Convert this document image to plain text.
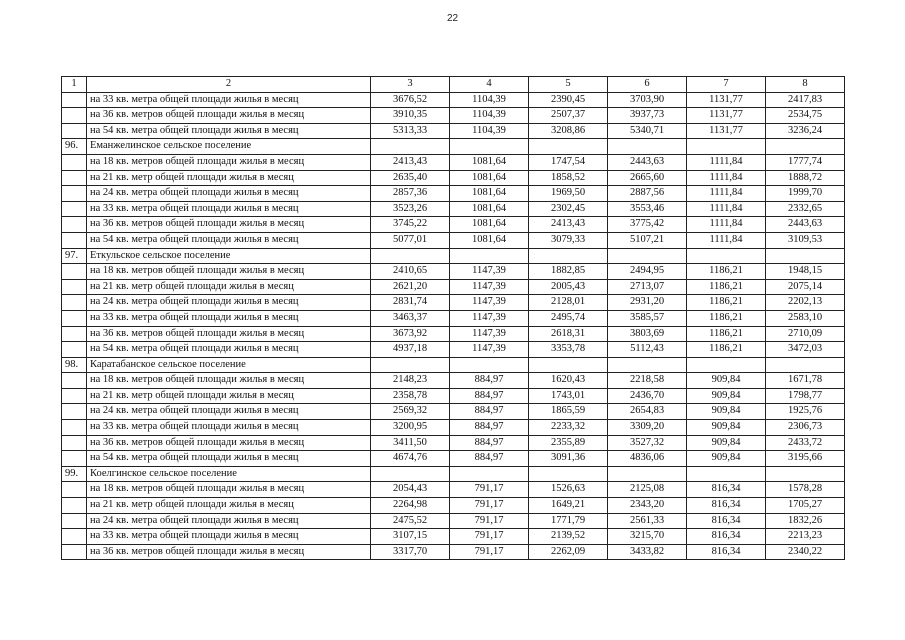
22
1	2	3	4	5	6	7	8
	на 33 кв. метра общей площади жилья в месяц	3676,52	1104,39	2390,45	3703,90	1131,77	2417,83
	на 36 кв. метров общей площади жилья в месяц	3910,35	1104,39	2507,37	3937,73	1131,77	2534,75
	на 54 кв. метра общей площади жилья в месяц	5313,33	1104,39	3208,86	5340,71	1131,77	3236,24
96.	Еманжелинское сельское поселение						
	на 18 кв. метров общей площади жилья в месяц	2413,43	1081,64	1747,54	2443,63	1111,84	1777,74
	на 21 кв. метр общей площади жилья в месяц	2635,40	1081,64	1858,52	2665,60	1111,84	1888,72
	на 24 кв. метра общей площади жилья в месяц	2857,36	1081,64	1969,50	2887,56	1111,84	1999,70
	на 33 кв. метра общей площади жилья в месяц	3523,26	1081,64	2302,45	3553,46	1111,84	2332,65
	на 36 кв. метров общей площади жилья в месяц	3745,22	1081,64	2413,43	3775,42	1111,84	2443,63
	на 54 кв. метра общей площади жилья в месяц	5077,01	1081,64	3079,33	5107,21	1111,84	3109,53
97.	Еткульское сельское поселение						
	на 18 кв. метров общей площади жилья в месяц	2410,65	1147,39	1882,85	2494,95	1186,21	1948,15
	на 21 кв. метр общей площади жилья в месяц	2621,20	1147,39	2005,43	2713,07	1186,21	2075,14
	на 24 кв. метра общей площади жилья в месяц	2831,74	1147,39	2128,01	2931,20	1186,21	2202,13
	на 33 кв. метра общей площади жилья в месяц	3463,37	1147,39	2495,74	3585,57	1186,21	2583,10
	на 36 кв. метров общей площади жилья в месяц	3673,92	1147,39	2618,31	3803,69	1186,21	2710,09
	на 54 кв. метра общей площади жилья в месяц	4937,18	1147,39	3353,78	5112,43	1186,21	3472,03
98.	Каратабанское сельское поселение						
	на 18 кв. метров общей площади жилья в месяц	2148,23	884,97	1620,43	2218,58	909,84	1671,78
	на 21 кв. метр общей площади жилья в месяц	2358,78	884,97	1743,01	2436,70	909,84	1798,77
	на 24 кв. метра общей площади жилья в месяц	2569,32	884,97	1865,59	2654,83	909,84	1925,76
	на 33 кв. метра общей площади жилья в месяц	3200,95	884,97	2233,32	3309,20	909,84	2306,73
	на 36 кв. метров общей площади жилья в месяц	3411,50	884,97	2355,89	3527,32	909,84	2433,72
	на 54 кв. метра общей площади жилья в месяц	4674,76	884,97	3091,36	4836,06	909,84	3195,66
99.	Коелгинское сельское поселение						
	на 18 кв. метров общей площади жилья в месяц	2054,43	791,17	1526,63	2125,08	816,34	1578,28
	на 21 кв. метр общей площади жилья в месяц	2264,98	791,17	1649,21	2343,20	816,34	1705,27
	на 24 кв. метра общей площади жилья в месяц	2475,52	791,17	1771,79	2561,33	816,34	1832,26
	на 33 кв. метра общей площади жилья в месяц	3107,15	791,17	2139,52	3215,70	816,34	2213,23
	на 36 кв. метров общей площади жилья в месяц	3317,70	791,17	2262,09	3433,82	816,34	2340,22
